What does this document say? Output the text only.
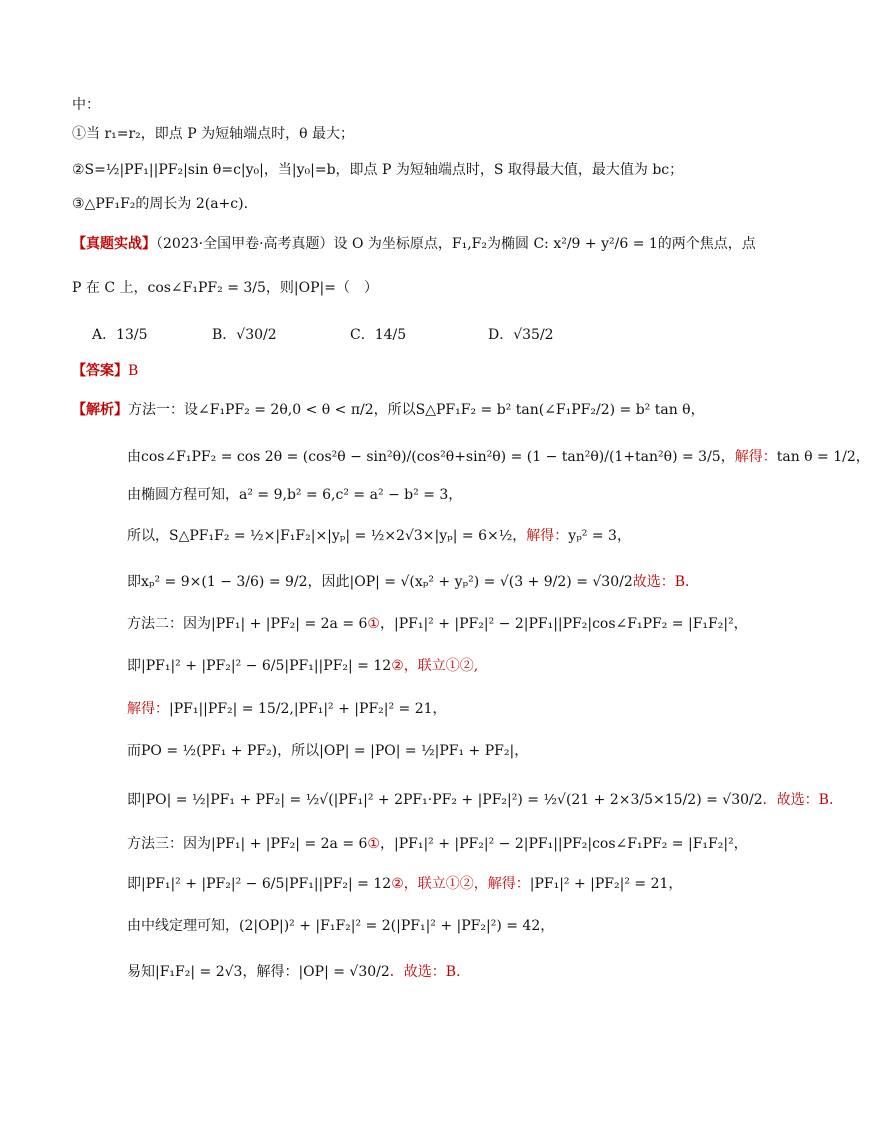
中：
①当 r₁=r₂，即点 P 为短轴端点时，θ 最大；
②S=½|PF₁||PF₂|sin θ=c|y₀|，当|y₀|=b，即点 P 为短轴端点时，S 取得最大值，最大值为 bc；
③△PF₁F₂的周长为 2(a+c).
【真题实战】（2023·全国甲卷·高考真题）设 O 为坐标原点，F₁,F₂为椭圆 C: x²/9 + y²/6 = 1的两个焦点，点
P 在 C 上，cos∠F₁PF₂ = 3/5，则|OP|=（　）
A．13/5	B．√30/2	C．14/5	D．√35/2
【答案】B
【解析】方法一：设∠F₁PF₂ = 2θ,0 < θ < π/2，所以S△PF₁F₂ = b² tan(∠F₁PF₂/2) = b² tan θ，
由cos∠F₁PF₂ = cos 2θ = (cos²θ − sin²θ)/(cos²θ+sin²θ) = (1 − tan²θ)/(1+tan²θ) = 3/5，解得：tan θ = 1/2，
由椭圆方程可知，a² = 9,b² = 6,c² = a² − b² = 3，
所以，S△PF₁F₂ = ½×|F₁F₂|×|yₚ| = ½×2√3×|yₚ| = 6×½，解得：yₚ² = 3，
即xₚ² = 9×(1 − 3/6) = 9/2，因此|OP| = √(xₚ² + yₚ²) = √(3 + 9/2) = √30/2故选：B．
方法二：因为|PF₁| + |PF₂| = 2a = 6①，|PF₁|² + |PF₂|² − 2|PF₁||PF₂|cos∠F₁PF₂ = |F₁F₂|²，
即|PF₁|² + |PF₂|² − 6/5|PF₁||PF₂| = 12②，联立①②,
解得：|PF₁||PF₂| = 15/2,|PF₁|² + |PF₂|² = 21，
而PO = ½(PF₁ + PF₂)，所以|OP| = |PO| = ½|PF₁ + PF₂|，
即|PO| = ½|PF₁ + PF₂| = ½√(|PF₁|² + 2PF₁·PF₂ + |PF₂|²) = ½√(21 + 2×3/5×15/2) = √30/2．故选：B．
方法三：因为|PF₁| + |PF₂| = 2a = 6①，|PF₁|² + |PF₂|² − 2|PF₁||PF₂|cos∠F₁PF₂ = |F₁F₂|²，
即|PF₁|² + |PF₂|² − 6/5|PF₁||PF₂| = 12②，联立①②，解得：|PF₁|² + |PF₂|² = 21，
由中线定理可知，(2|OP|)² + |F₁F₂|² = 2(|PF₁|² + |PF₂|²) = 42，
易知|F₁F₂| = 2√3，解得：|OP| = √30/2．故选：B．
